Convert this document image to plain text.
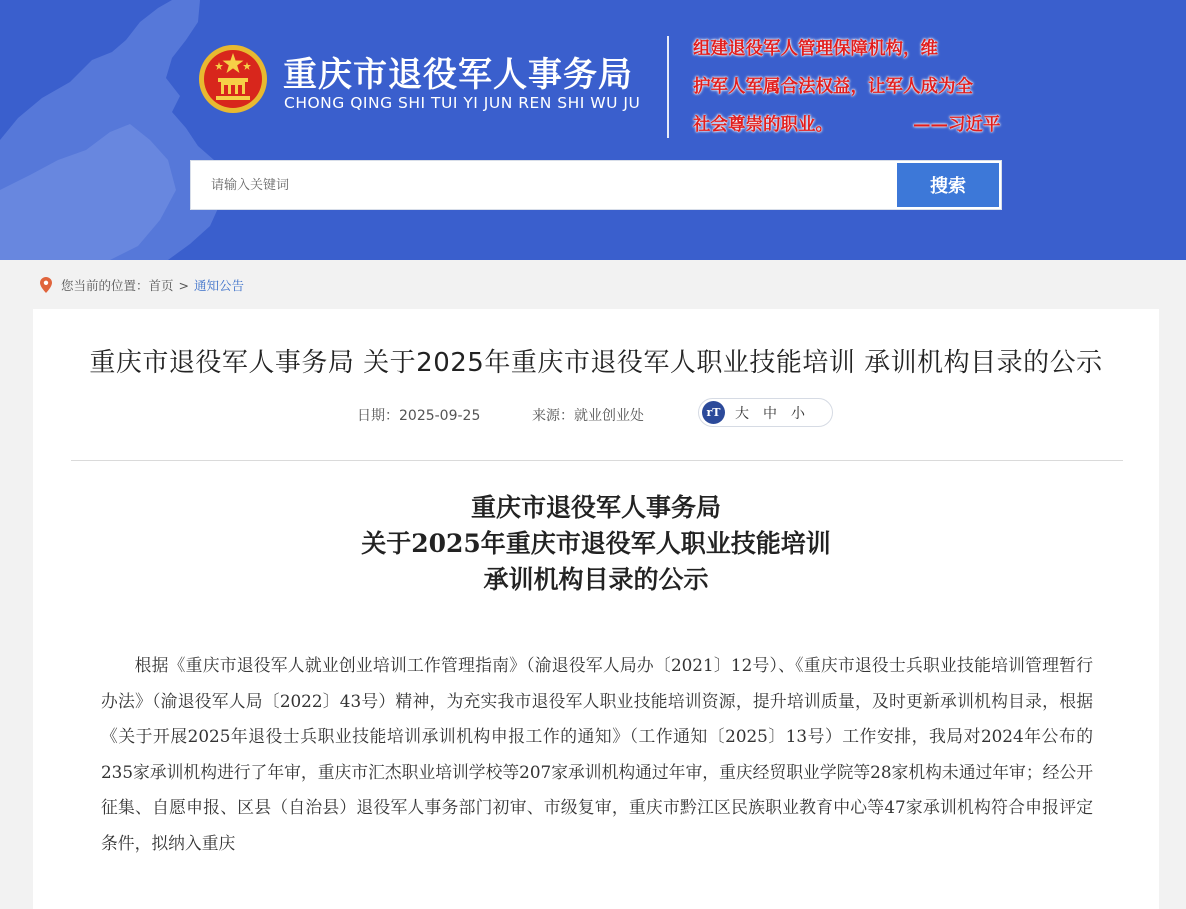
重庆市退役军人事务局
CHONG QING SHI TUI YI JUN REN SHI WU JU
组建退役军人管理保障机构，维
护军人军属合法权益，让军人成为全
社会尊崇的职业。	——习近平
请输入关键词
搜索
您当前的位置： 首页 > 通知公告
重庆市退役军人事务局 关于2025年重庆市退役军人职业技能培训 承训机构目录的公示
日期：2025-09-25	来源：就业创业处	rT	大 中 小
重庆市退役军人事务局
关于2025年重庆市退役军人职业技能培训
承训机构目录的公示

根据《重庆市退役军人就业创业培训工作管理指南》（渝退役军人局办〔2021〕12号）、《重庆市退役士兵职业技能培训管理暂行办法》（渝退役军人局〔2022〕43号）精神，为充实我市退役军人职业技能培训资源，提升培训质量，及时更新承训机构目录，根据《关于开展2025年退役士兵职业技能培训承训机构申报工作的通知》（工作通知〔2025〕13号）工作安排，我局对2024年公布的235家承训机构进行了年审，重庆市汇杰职业培训学校等207家承训机构通过年审，重庆经贸职业学院等28家机构未通过年审；经公开征集、自愿申报、区县（自治县）退役军人事务部门初审、市级复审，重庆市黔江区民族职业教育中心等47家承训机构符合申报评定条件，拟纳入重庆
